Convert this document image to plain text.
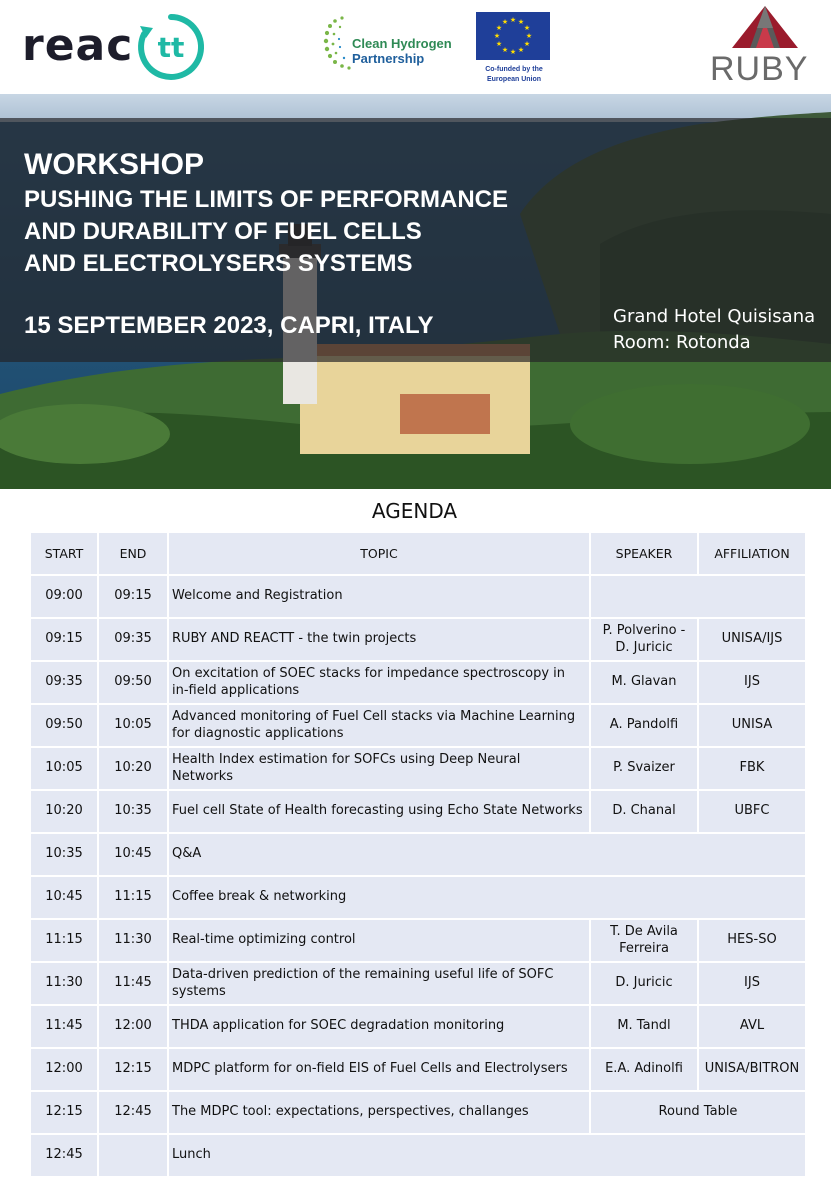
reac tt	Clean Hydrogen
Partnership
★ ★
★
★
★
★
★
★
★
★
★
★
Co-funded by the
European Union	RUBY
WORKSHOP
PUSHING THE LIMITS OF PERFORMANCE
AND DURABILITY OF FUEL CELLS
AND ELECTROLYSERS SYSTEMS
15 SEPTEMBER 2023, CAPRI, ITALY	Grand Hotel Quisisana
Room: Rotonda
AGENDA
START	END	TOPIC	SPEAKER	AFFILIATION
09:00	09:15	Welcome and Registration		
09:15	09:35	RUBY AND REACTT - the twin projects	P. Polverino - D. Juricic	UNISA/IJS
09:35	09:50	On excitation of SOEC stacks for impedance spectroscopy in in-field applications	M. Glavan	IJS
09:50	10:05	Advanced monitoring of Fuel Cell stacks via Machine Learning for diagnostic applications	A. Pandolfi	UNISA
10:05	10:20	Health Index estimation for SOFCs using Deep Neural Networks	P. Svaizer	FBK
10:20	10:35	Fuel cell State of Health forecasting using Echo State Networks	D. Chanal	UBFC
10:35	10:45	Q&A		
10:45	11:15	Coffee break & networking		
11:15	11:30	Real-time optimizing control	T. De Avila Ferreira	HES-SO
11:30	11:45	Data-driven prediction of the remaining useful life of SOFC systems	D. Juricic	IJS
11:45	12:00	THDA application for SOEC degradation monitoring	M. Tandl	AVL
12:00	12:15	MDPC platform for on-field EIS of Fuel Cells and Electrolysers	E.A. Adinolfi	UNISA/BITRON
12:15	12:45	The MDPC tool: expectations, perspectives, challanges	Round Table	
12:45		Lunch		
